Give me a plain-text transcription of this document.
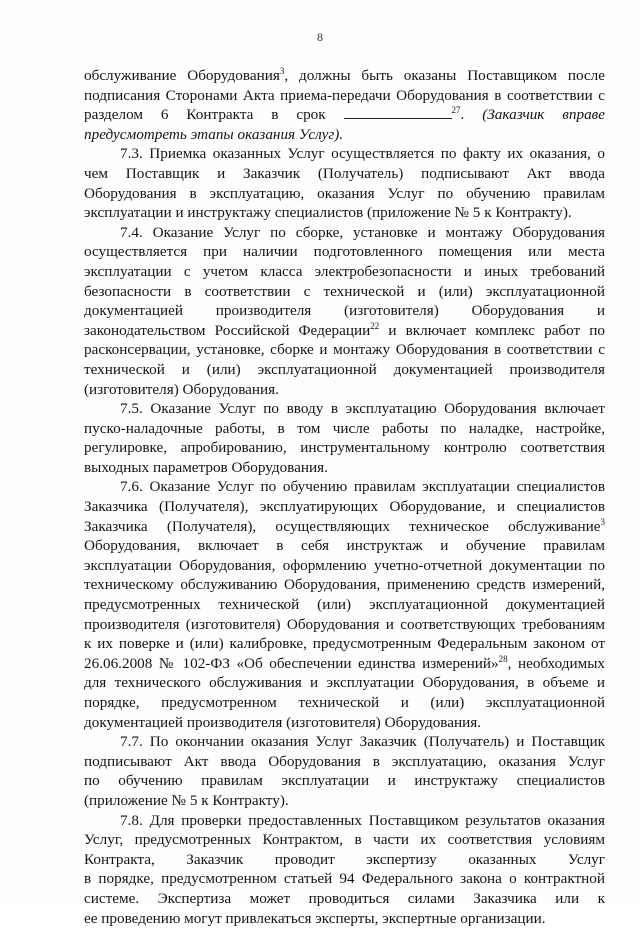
8
обслуживание Оборудования$^3$, должны быть оказаны Поставщиком после
подписания Сторонами Акта приема-передачи Оборудования в соответствии с
разделом 6 Контракта в срок	$^{27}$. (Заказчик вправе
предусмотреть этапы оказания Услуг).
7.3. Приемка оказанных Услуг осуществляется по факту их оказания, о
чем Поставщик и Заказчик (Получатель) подписывают Акт ввода
Оборудования в эксплуатацию, оказания Услуг по обучению правилам
эксплуатации и инструктажу специалистов (приложение № 5 к Контракту).
7.4. Оказание Услуг по сборке, установке и монтажу Оборудования
осуществляется при наличии подготовленного помещения или места
эксплуатации с учетом класса электробезопасности и иных требований
безопасности в соответствии с технической и (или) эксплуатационной
документацией производителя (изготовителя) Оборудования и
законодательством Российской Федерации$^{22}$ и включает комплекс работ по
расконсервации, установке, сборке и монтажу Оборудования в соответствии с
технической и (или) эксплуатационной документацией производителя
(изготовителя) Оборудования.
7.5. Оказание Услуг по вводу в эксплуатацию Оборудования включает
пуско-наладочные работы, в том числе работы по наладке, настройке,
регулировке, апробированию, инструментальному контролю соответствия
выходных параметров Оборудования.
7.6. Оказание Услуг по обучению правилам эксплуатации специалистов
Заказчика (Получателя), эксплуатирующих Оборудование, и специалистов
Заказчика (Получателя), осуществляющих техническое обслуживание$^3$
Оборудования, включает в себя инструктаж и обучение правилам
эксплуатации Оборудования, оформлению учетно-отчетной документации по
техническому обслуживанию Оборудования, применению средств измерений,
предусмотренных технической (или) эксплуатационной документацией
производителя (изготовителя) Оборудования и соответствующих требованиям
к их поверке и (или) калибровке, предусмотренным Федеральным законом от
26.06.2008 № 102-ФЗ «Об обеспечении единства измерений»$^{28}$, необходимых
для технического обслуживания и эксплуатации Оборудования, в объеме и
порядке, предусмотренном технической и (или) эксплуатационной
документацией производителя (изготовителя) Оборудования.
7.7. По окончании оказания Услуг Заказчик (Получатель) и Поставщик
подписывают Акт ввода Оборудования в эксплуатацию, оказания Услуг
по обучению правилам эксплуатации и инструктажу специалистов
(приложение № 5 к Контракту).
7.8. Для проверки предоставленных Поставщиком результатов оказания
Услуг, предусмотренных Контрактом, в части их соответствия условиям
Контракта, Заказчик проводит экспертизу оказанных Услуг
в порядке, предусмотренном статьей 94 Федерального закона о контрактной
системе. Экспертиза может проводиться силами Заказчика или к
ее проведению могут привлекаться эксперты, экспертные организации.
